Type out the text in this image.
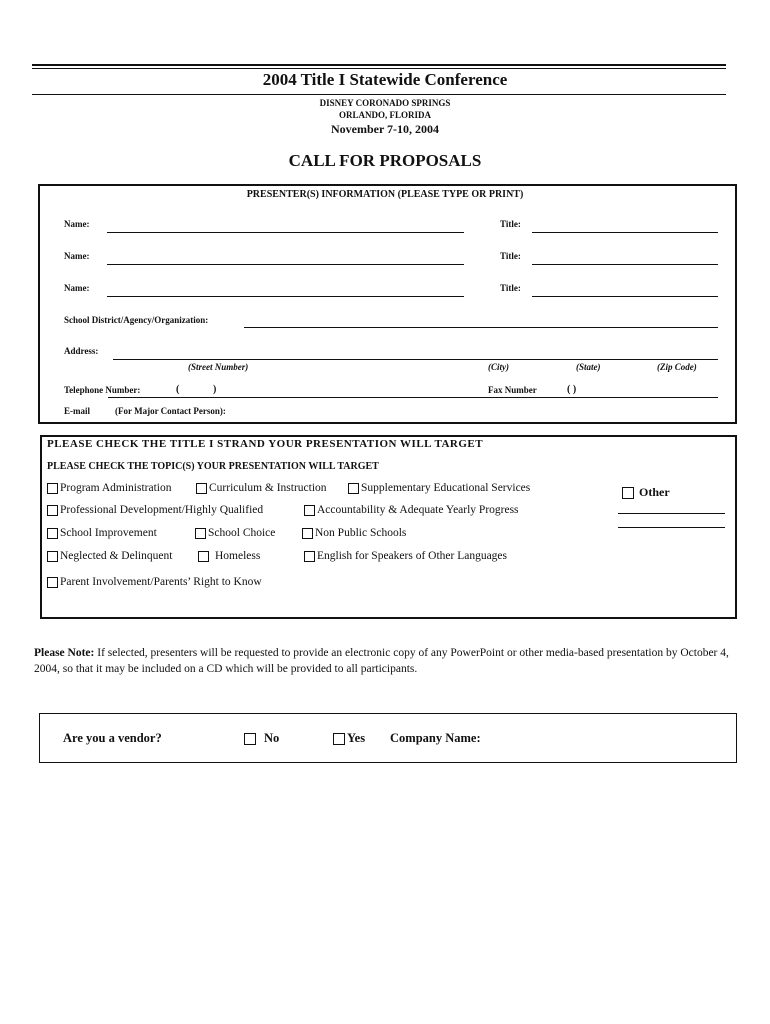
2004 Title I Statewide Conference
DISNEY CORONADO SPRINGS
ORLANDO, FLORIDA
November 7-10, 2004
CALL FOR PROPOSALS
PRESENTER(S) INFORMATION (PLEASE TYPE OR PRINT)
Name:	Title:
Name:	Title:
Name:	Title:
School District/Agency/Organization:
Address:
(Street Number)	(City)	(State)	(Zip Code)
Telephone Number:	(	)	Fax Number	( )
E-mail	(For Major Contact Person):
PLEASE CHECK THE TITLE I STRAND YOUR PRESENTATION WILL TARGET
PLEASE CHECK THE TOPIC(S) YOUR PRESENTATION WILL TARGET
Program Administration	Curriculum & Instruction	Supplementary Educational Services
Professional Development/Highly Qualified	Accountability & Adequate Yearly Progress
School Improvement	School Choice	Non Public Schools
Neglected & Delinquent	Homeless	English for Speakers of Other Languages
Parent Involvement/Parents’ Right to Know
Other
Please Note: If selected, presenters will be requested to provide an electronic copy of any PowerPoint or other media-based presentation by October 4, 2004, so that it may be included on a CD which will be provided to all participants.
Are you a vendor?	No	Yes Company Name:
